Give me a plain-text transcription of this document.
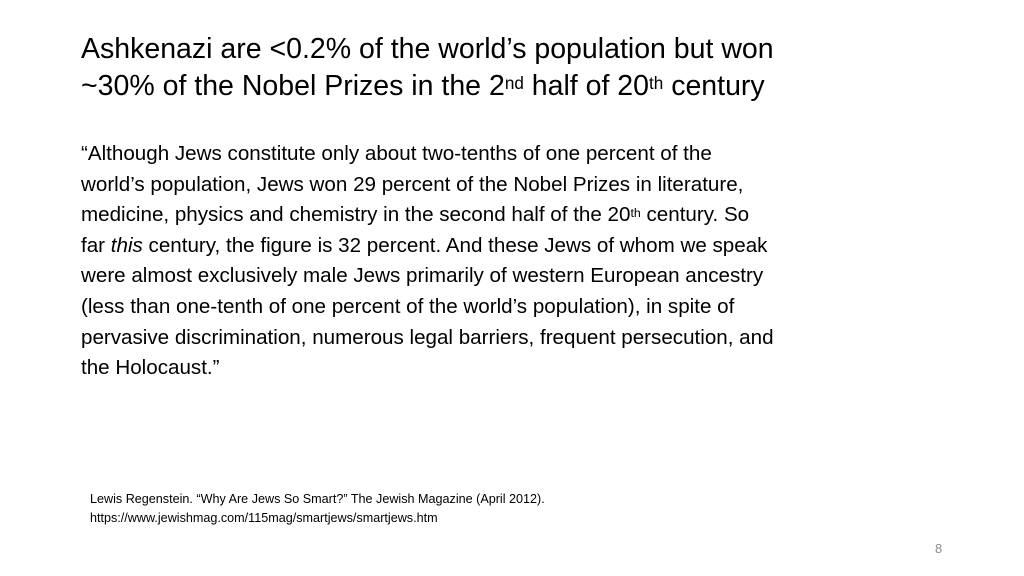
Ashkenazi are <0.2% of the world’s population but won
~30% of the Nobel Prizes in the 2nd half of 20th century

“Although Jews constitute only about two-tenths of one percent of the
world’s population, Jews won 29 percent of the Nobel Prizes in literature,
medicine, physics and chemistry in the second half of the 20th century. So
far this century, the figure is 32 percent. And these Jews of whom we speak
were almost exclusively male Jews primarily of western European ancestry
(less than one-tenth of one percent of the world’s population), in spite of
pervasive discrimination, numerous legal barriers, frequent persecution, and
the Holocaust.”

Lewis Regenstein. “Why Are Jews So Smart?” The Jewish Magazine (April 2012).
https://www.jewishmag.com/115mag/smartjews/smartjews.htm

8
